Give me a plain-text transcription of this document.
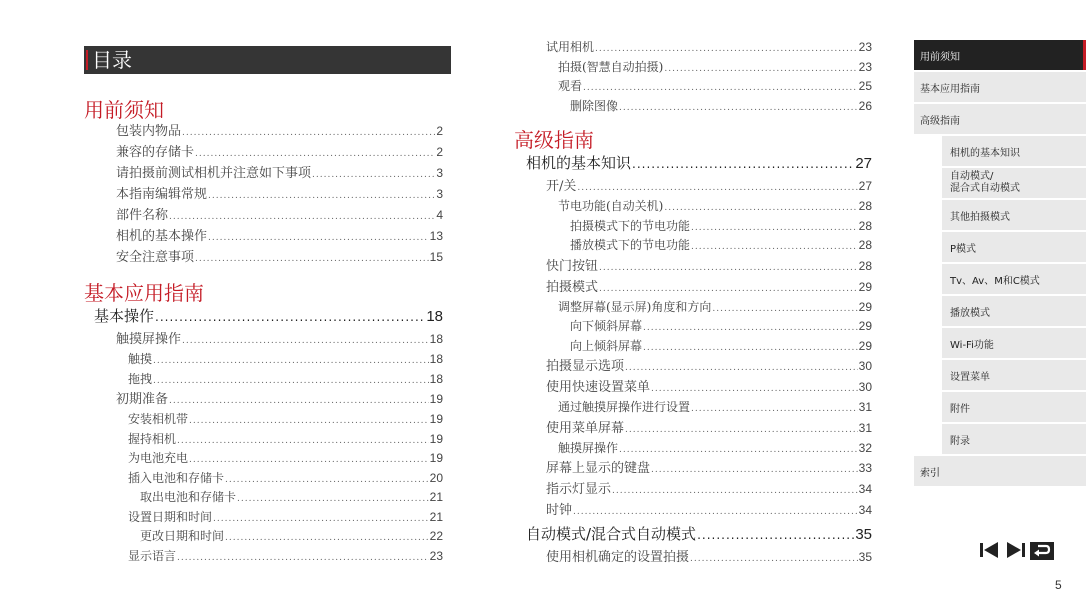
目录
用前须知
包装内物品 .....	2
兼容的存储卡 .....	2
请拍摄前测试相机并注意如下事项 .....	3
本指南编辑常规 .....	3
部件名称 .....	4
相机的基本操作 .....	13
安全注意事项 .....	15
基本应用指南
基本操作 .....	18
触摸屏操作 .....	18
触摸 .....	18
拖拽 .....	18
初期准备 .....	19
安装相机带 .....	19
握持相机 .....	19
为电池充电 .....	19
插入电池和存储卡 .....	20
取出电池和存储卡 .....	21
设置日期和时间 .....	21
更改日期和时间 .....	22
显示语言 .....	23
试用相机 .....	23
拍摄(智慧自动拍摄) .....	23
观看 .....	25
删除图像 .....	26
高级指南
相机的基本知识 .....	27
开/关 .....	27
节电功能(自动关机) .....	28
拍摄模式下的节电功能 .....	28
播放模式下的节电功能 .....	28
快门按钮 .....	28
拍摄模式 .....	29
调整屏幕(显示屏)角度和方向 .....	29
向下倾斜屏幕 .....	29
向上倾斜屏幕 .....	29
拍摄显示选项 .....	30
使用快速设置菜单 .....	30
通过触摸屏操作进行设置 .....	31
使用菜单屏幕 .....	31
触摸屏操作 .....	32
屏幕上显示的键盘 .....	33
指示灯显示 .....	34
时钟 .....	34
自动模式/混合式自动模式 .....	35
使用相机确定的设置拍摄 .....	35
用前须知
基本应用指南
高级指南
相机的基本知识
自动模式/
混合式自动模式
其他拍摄模式
P模式
Tv、Av、M和C模式
播放模式
Wi-Fi功能
设置菜单
附件
附录
索引
5
